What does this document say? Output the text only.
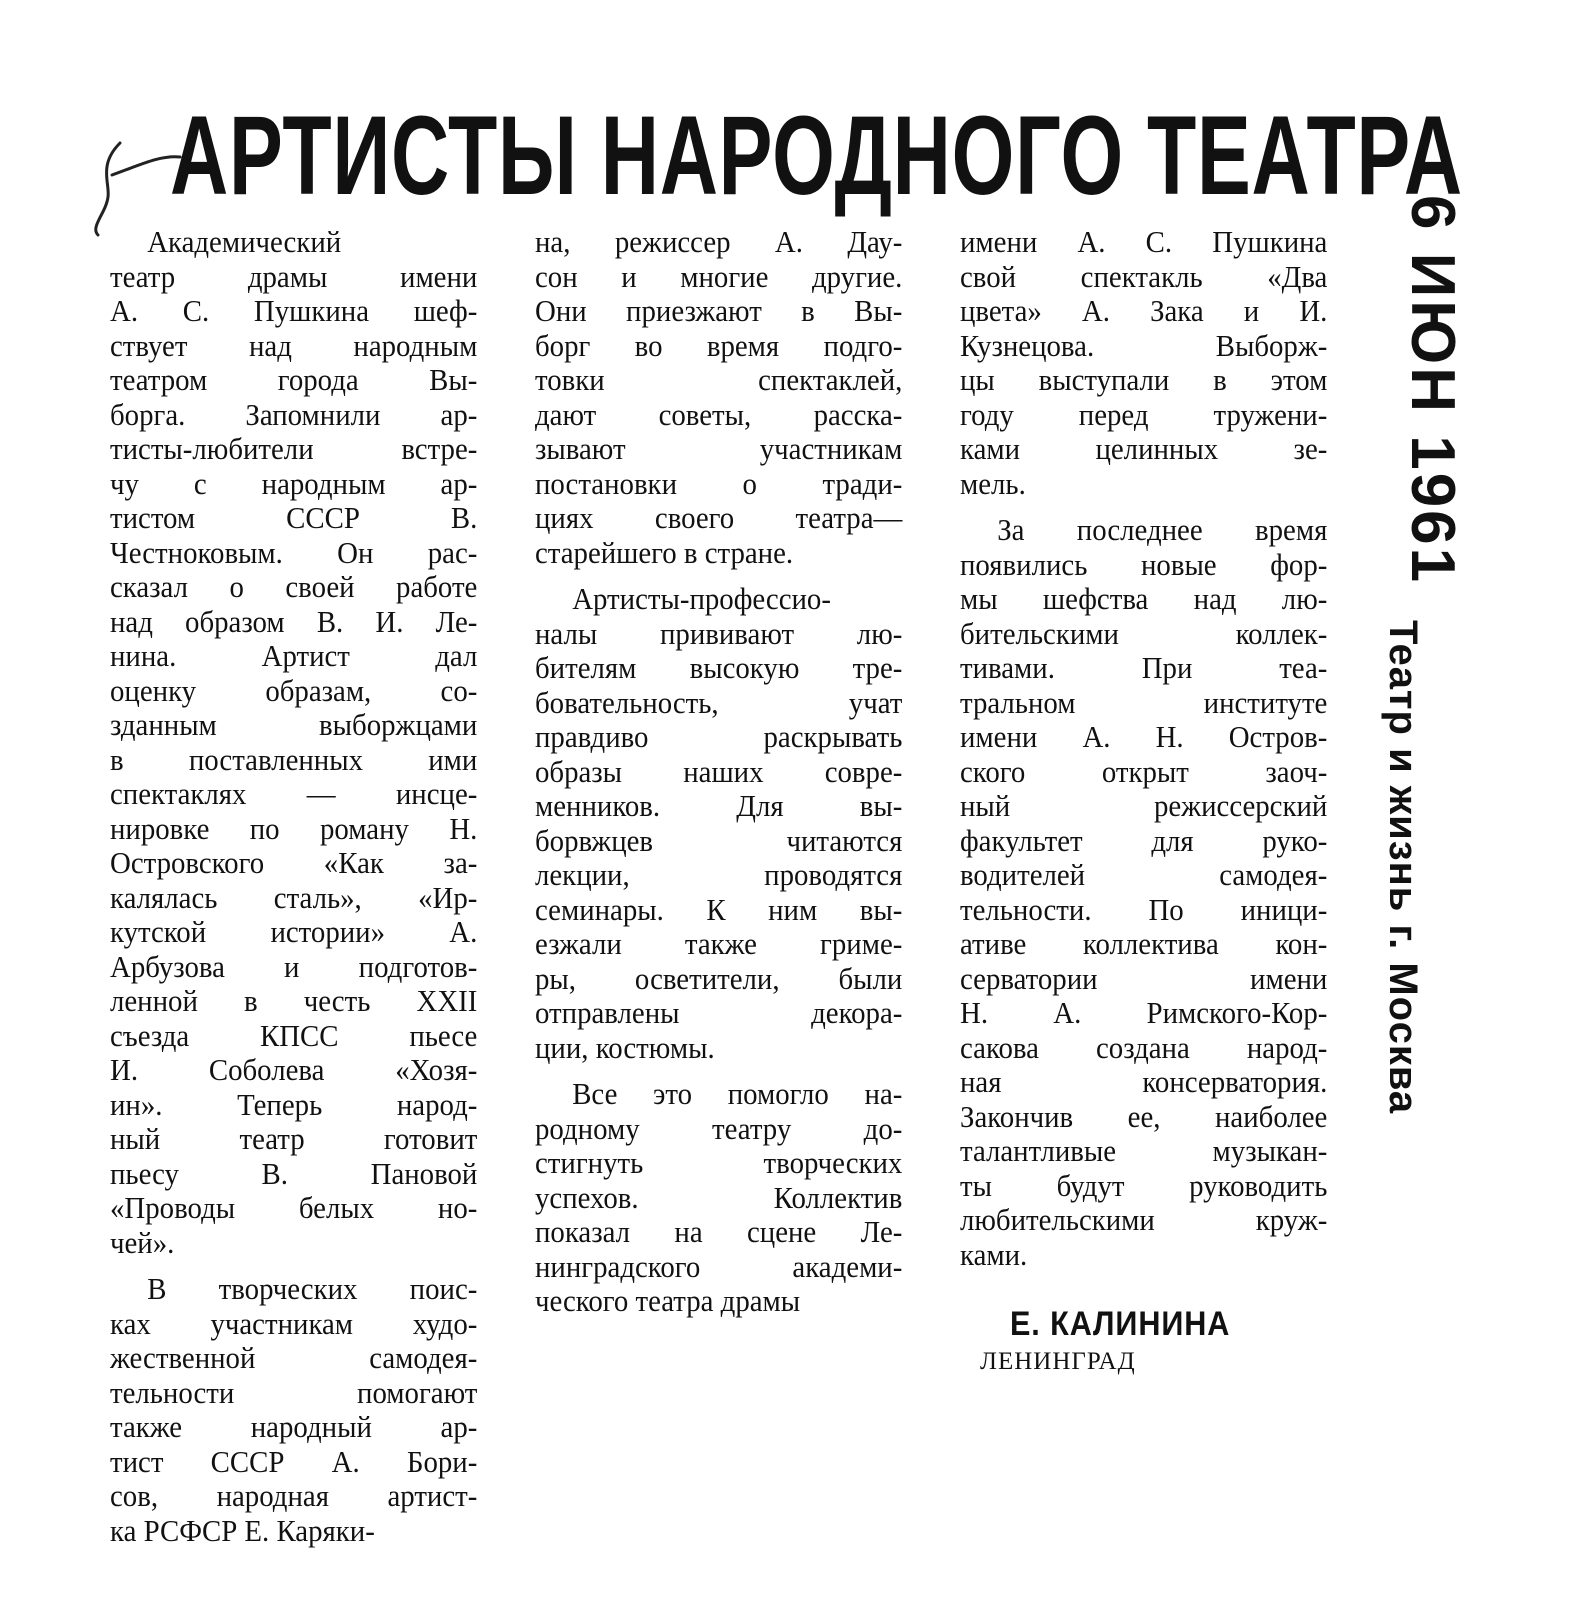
АРТИСТЫ НАРОДНОГО ТЕАТРА
Академический
театр драмы имени
А. С. Пушкина шеф-
ствует над народным
театром города Вы-
борга. Запомнили ар-
тисты-любители встре-
чу с народным ар-
тистом СССР В.
Честноковым. Он рас-
сказал о своей работе
над образом В. И. Ле-
нина. Артист дал
оценку образам, со-
зданным выборжцами
в поставленных ими
спектаклях — инсце-
нировке по роману Н.
Островского «Как за-
калялась сталь», «Ир-
кутской истории» А.
Арбузова и подготов-
ленной в честь XXII
съезда КПСС пьесе
И. Соболева «Хозя-
ин». Теперь народ-
ный театр готовит
пьесу В. Пановой
«Проводы белых но-
чей».
В творческих поис-
ках участникам худо-
жественной самодея-
тельности помогают
также народный ар-
тист СССР А. Бори-
сов, народная артист-
ка РСФСР Е. Каряки-
на, режиссер А. Дау-
сон и многие другие.
Они приезжают в Вы-
борг во время подго-
товки спектаклей,
дают советы, расска-
зывают участникам
постановки о тради-
циях своего театра—
старейшего в стране.
Артисты-профессио-
налы прививают лю-
бителям высокую тре-
бовательность, учат
правдиво раскрывать
образы наших совре-
менников. Для вы-
борвжцев читаются
лекции, проводятся
семинары. К ним вы-
езжали также гриме-
ры, осветители, были
отправлены декора-
ции, костюмы.
Все это помогло на-
родному театру до-
стигнуть творческих
успехов. Коллектив
показал на сцене Ле-
нинградского академи-
ческого театра драмы
имени А. С. Пушкина
свой спектакль «Два
цвета» А. Зака и И.
Кузнецова. Выборж-
цы выступали в этом
году перед тружени-
ками целинных зе-
мель.
За последнее время
появились новые фор-
мы шефства над лю-
бительскими коллек-
тивами. При теа-
тральном институте
имени А. Н. Остров-
ского открыт заоч-
ный режиссерский
факультет для руко-
водителей самодея-
тельности. По иници-
ативе коллектива кон-
серватории имени
Н. А. Римского-Кор-
сакова создана народ-
ная консерватория.
Закончив ее, наиболее
талантливые музыкан-
ты будут руководить
любительскими круж-
ками.
Е. КАЛИНИНА
ЛЕНИНГРАД
6 ИЮН 1961
Театр и жизнь г. Москва
